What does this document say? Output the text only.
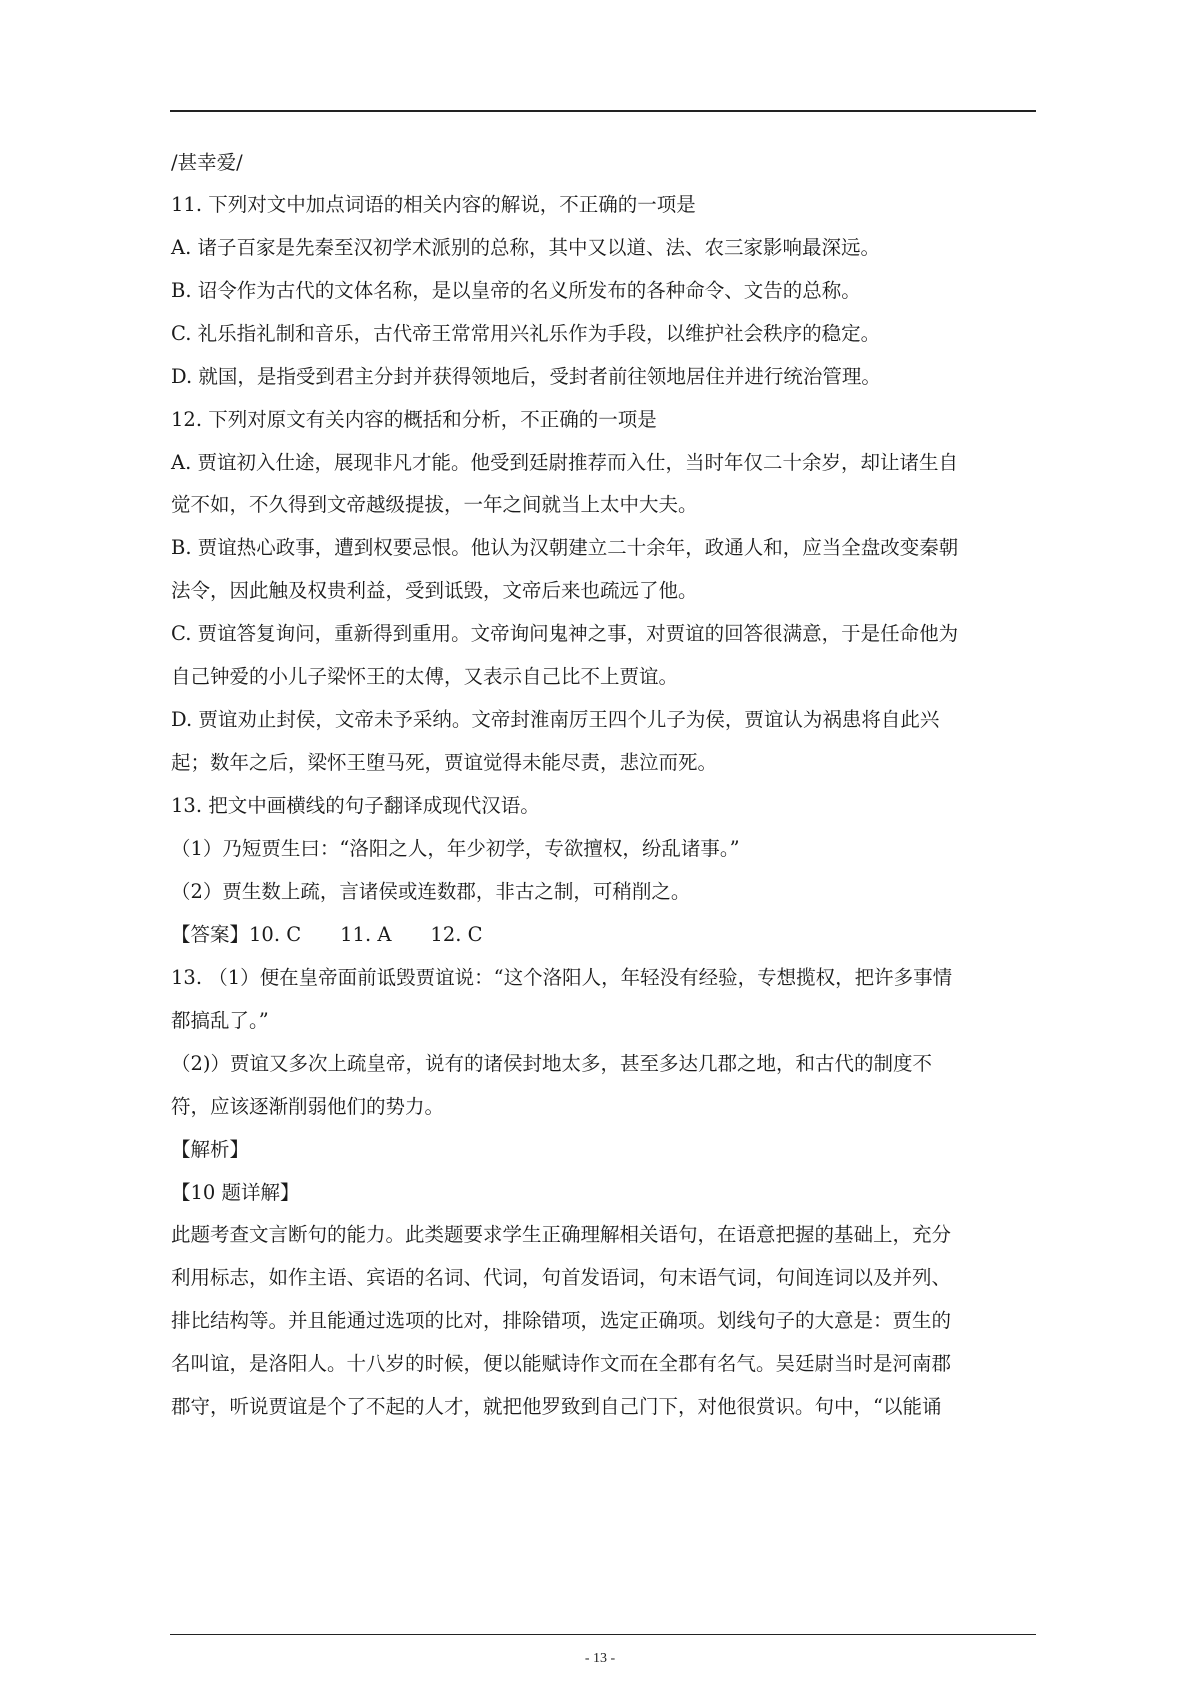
/甚幸爱/
11. 下列对文中加点词语的相关内容的解说，不正确的一项是
A. 诸子百家是先秦至汉初学术派别的总称，其中又以道、法、农三家影响最深远。
B. 诏令作为古代的文体名称，是以皇帝的名义所发布的各种命令、文告的总称。
C. 礼乐指礼制和音乐，古代帝王常常用兴礼乐作为手段，以维护社会秩序的稳定。
D. 就国，是指受到君主分封并获得领地后，受封者前往领地居住并进行统治管理。
12. 下列对原文有关内容的概括和分析，不正确的一项是
A. 贾谊初入仕途，展现非凡才能。他受到廷尉推荐而入仕，当时年仅二十余岁，却让诸生自
觉不如，不久得到文帝越级提拔，一年之间就当上太中大夫。
B. 贾谊热心政事，遭到权要忌恨。他认为汉朝建立二十余年，政通人和，应当全盘改变秦朝
法令，因此触及权贵利益，受到诋毁，文帝后来也疏远了他。
C. 贾谊答复询问，重新得到重用。文帝询问鬼神之事，对贾谊的回答很满意，于是任命他为
自己钟爱的小儿子梁怀王的太傅，又表示自己比不上贾谊。
D. 贾谊劝止封侯，文帝未予采纳。文帝封淮南厉王四个儿子为侯，贾谊认为祸患将自此兴
起；数年之后，梁怀王堕马死，贾谊觉得未能尽责，悲泣而死。
13. 把文中画横线的句子翻译成现代汉语。
（1）乃短贾生曰：“洛阳之人，年少初学，专欲擅权，纷乱诸事。”
（2）贾生数上疏，言诸侯或连数郡，非古之制，可稍削之。
【答案】10. C　　11. A　　12. C
13. （1）便在皇帝面前诋毁贾谊说：“这个洛阳人，年轻没有经验，专想揽权，把许多事情
都搞乱了。”
（2)）贾谊又多次上疏皇帝，说有的诸侯封地太多，甚至多达几郡之地，和古代的制度不
符，应该逐渐削弱他们的势力。
【解析】
【10 题详解】
此题考查文言断句的能力。此类题要求学生正确理解相关语句，在语意把握的基础上，充分
利用标志，如作主语、宾语的名词、代词，句首发语词，句末语气词，句间连词以及并列、
排比结构等。并且能通过选项的比对，排除错项，选定正确项。划线句子的大意是：贾生的
名叫谊，是洛阳人。十八岁的时候，便以能赋诗作文而在全郡有名气。吴廷尉当时是河南郡
郡守，听说贾谊是个了不起的人才，就把他罗致到自己门下，对他很赏识。句中，“以能诵
- 13 -
